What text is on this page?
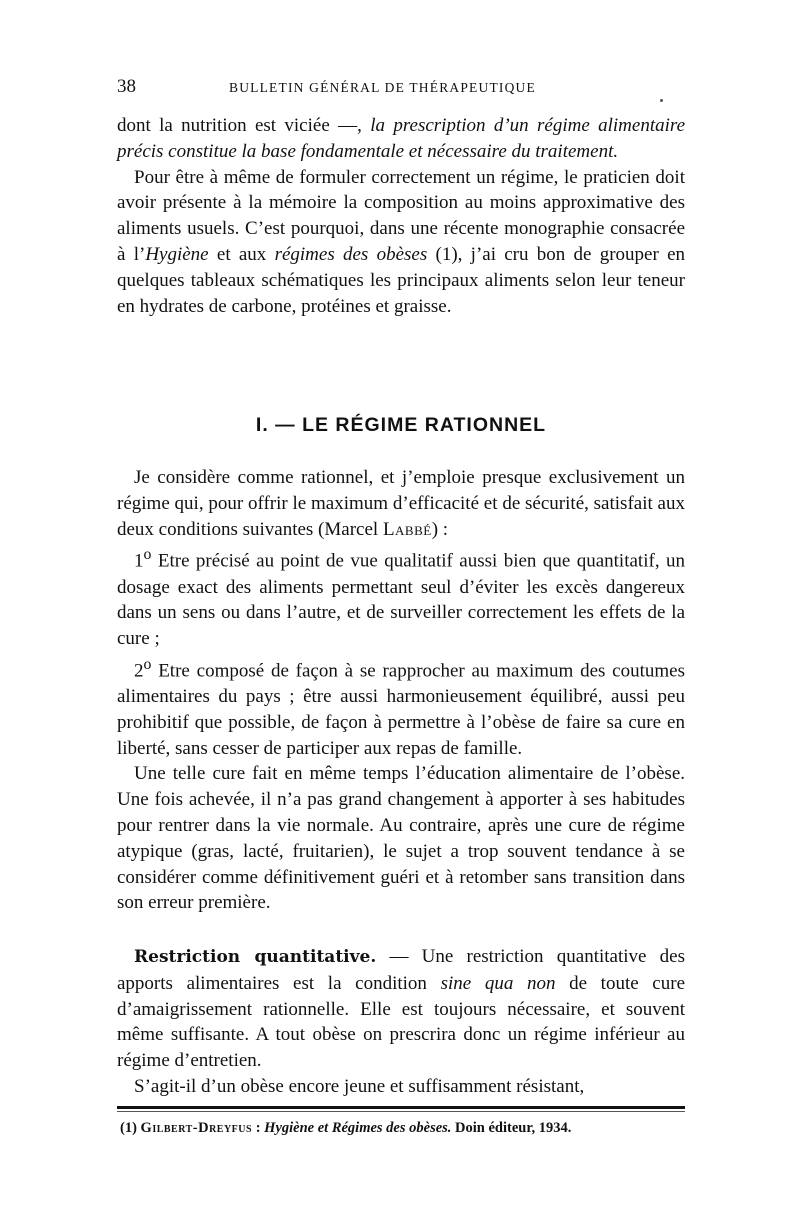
38	BULLETIN GÉNÉRAL DE THÉRAPEUTIQUE

dont la nutrition est viciée —, la prescription d’un régime alimentaire précis constitue la base fondamentale et nécessaire du traitement.

Pour être à même de formuler correctement un régime, le praticien doit avoir présente à la mémoire la composition au moins approximative des aliments usuels. C’est pourquoi, dans une récente monographie consacrée à l’Hygiène et aux régimes des obèses (1), j’ai cru bon de grouper en quelques tableaux schématiques les principaux aliments selon leur teneur en hydrates de carbone, protéines et graisse.

I. — LE RÉGIME RATIONNEL

Je considère comme rationnel, et j’emploie presque exclusivement un régime qui, pour offrir le maximum d’efficacité et de sécurité, satisfait aux deux conditions suivantes (Marcel Labbé) :

1$^o$ Etre précisé au point de vue qualitatif aussi bien que quantitatif, un dosage exact des aliments permettant seul d’éviter les excès dangereux dans un sens ou dans l’autre, et de surveiller correctement les effets de la cure ;

2$^o$ Etre composé de façon à se rapprocher au maximum des coutumes alimentaires du pays ; être aussi harmonieusement équilibré, aussi peu prohibitif que possible, de façon à permettre à l’obèse de faire sa cure en liberté, sans cesser de participer aux repas de famille.

Une telle cure fait en même temps l’éducation alimentaire de l’obèse. Une fois achevée, il n’a pas grand changement à apporter à ses habitudes pour rentrer dans la vie normale. Au contraire, après une cure de régime atypique (gras, lacté, fruitarien), le sujet a trop souvent tendance à se considérer comme définitivement guéri et à retomber sans transition dans son erreur première.

Restriction quantitative. — Une restriction quantitative des apports alimentaires est la condition sine qua non de toute cure d’amaigrissement rationnelle. Elle est toujours nécessaire, et souvent même suffisante. A tout obèse on prescrira donc un régime inférieur au régime d’entretien.

S’agit-il d’un obèse encore jeune et suffisamment résistant,

(1) Gilbert-Dreyfus : Hygiène et Régimes des obèses. Doin éditeur, 1934.
